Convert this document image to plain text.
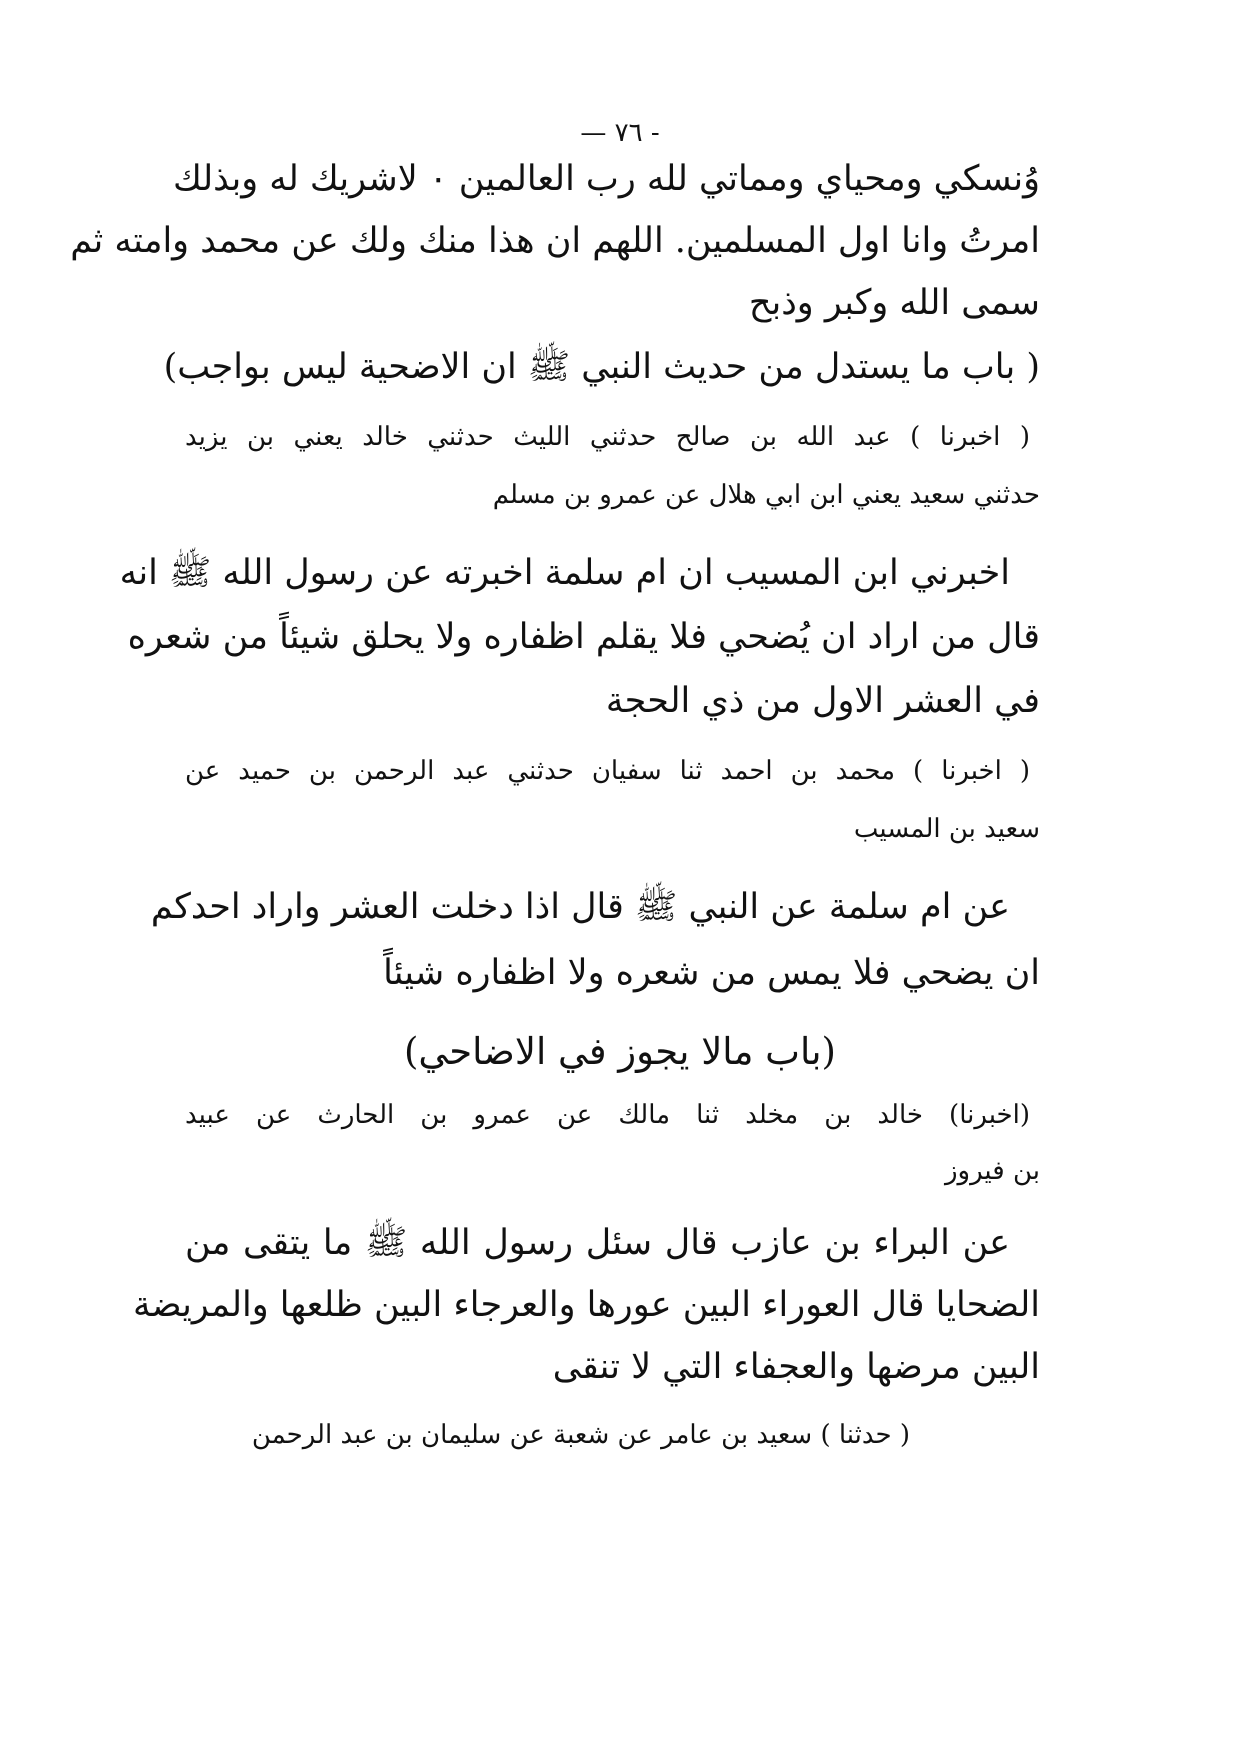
— ٧٦ -
وُنسكي ومحياي ومماتي لله رب العالمين ۰ لاشريك له وبذلك
امرتُ وانا اول المسلمين. اللهم ان هذا منك ولك عن محمد وامته ثم
سمى الله وكبر وذبح
( باب ما يستدل من حديث النبي ﷺ ان الاضحية ليس بواجب)
( اخبرنا ) عبد الله بن صالح حدثني الليث حدثني خالد يعني بن يزيد
حدثني سعيد يعني ابن ابي هلال عن عمرو بن مسلم
اخبرني ابن المسيب ان ام سلمة اخبرته عن رسول الله ﷺ انه
قال من اراد ان يُضحي فلا يقلم اظفاره ولا يحلق شيئاً من شعره
في العشر الاول من ذي الحجة
( اخبرنا ) محمد بن احمد ثنا سفيان حدثني عبد الرحمن بن حميد عن
سعيد بن المسيب
عن ام سلمة عن النبي ﷺ قال اذا دخلت العشر واراد احدكم
ان يضحي فلا يمس من شعره ولا اظفاره شيئاً
(باب مالا يجوز في الاضاحي)
(اخبرنا) خالد بن مخلد ثنا مالك عن عمرو بن الحارث عن عبيد
بن فيروز
عن البراء بن عازب قال سئل رسول الله ﷺ ما يتقى من
الضحايا قال العوراء البين عورها والعرجاء البين ظلعها والمريضة
البين مرضها والعجفاء التي لا تنقى
( حدثنا ) سعيد بن عامر عن شعبة عن سليمان بن عبد الرحمن
